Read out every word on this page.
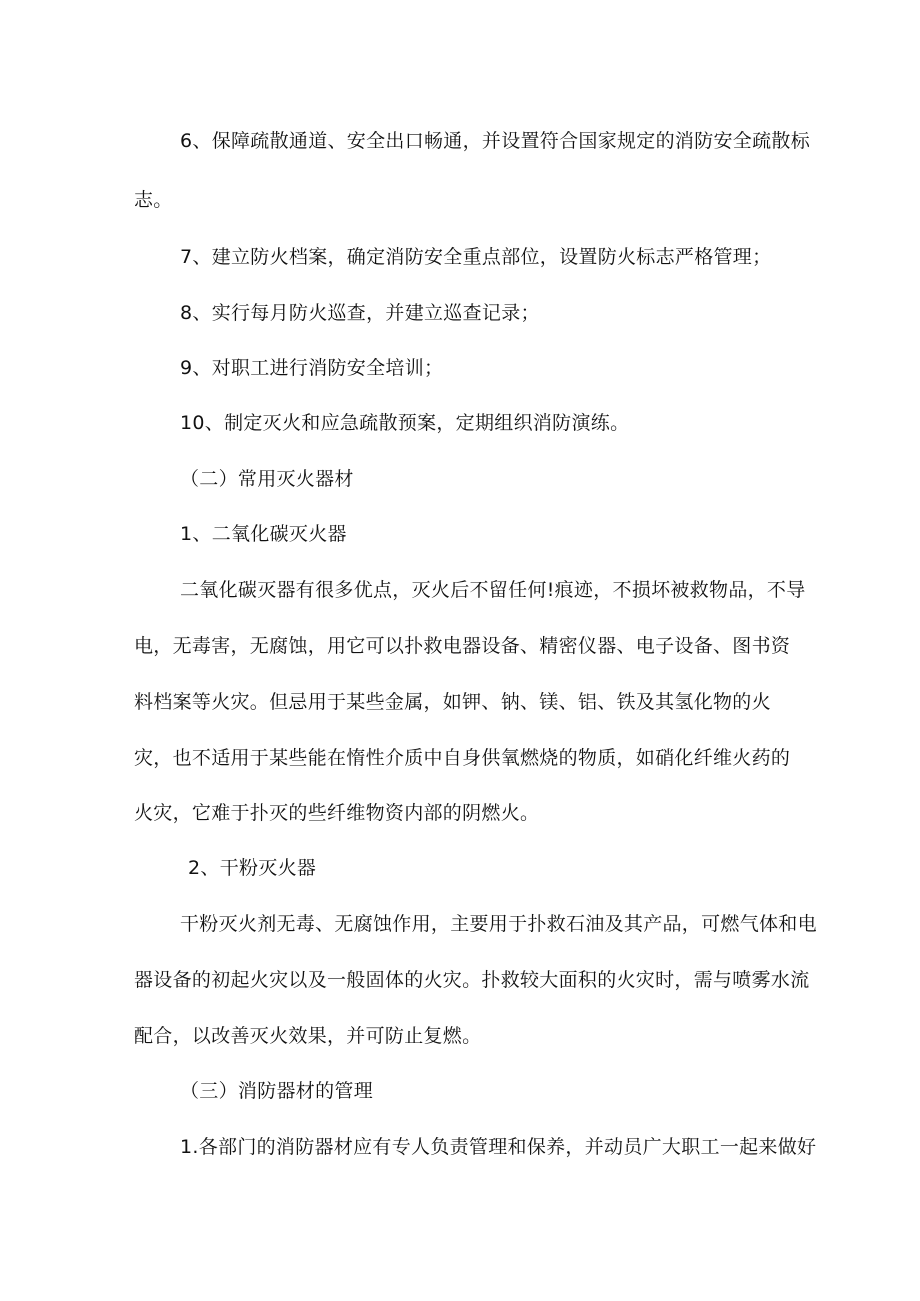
6、保障疏散通道、安全出口畅通，并设置符合国家规定的消防安全疏散标
志。
7、建立防火档案，确定消防安全重点部位，设置防火标志严格管理；
8、实行每月防火巡查，并建立巡查记录；
9、对职工进行消防安全培训；
10、制定灭火和应急疏散预案，定期组织消防演练。
（二）常用灭火器材
1、二氧化碳灭火器
二氧化碳灭器有很多优点，灭火后不留任何!痕迹，不损坏被救物品，不导
电，无毒害，无腐蚀，用它可以扑救电器设备、精密仪器、电子设备、图书资
料档案等火灾。但忌用于某些金属，如钾、钠、镁、铝、铁及其氢化物的火
灾，也不适用于某些能在惰性介质中自身供氧燃烧的物质，如硝化纤维火药的
火灾，它难于扑灭的些纤维物资内部的阴燃火。
2、干粉灭火器
干粉灭火剂无毒、无腐蚀作用，主要用于扑救石油及其产品，可燃气体和电
器设备的初起火灾以及一般固体的火灾。扑救较大面积的火灾时，需与喷雾水流
配合，以改善灭火效果，并可防止复燃。
（三）消防器材的管理
1.各部门的消防器材应有专人负责管理和保养，并动员广大职工一起来做好
